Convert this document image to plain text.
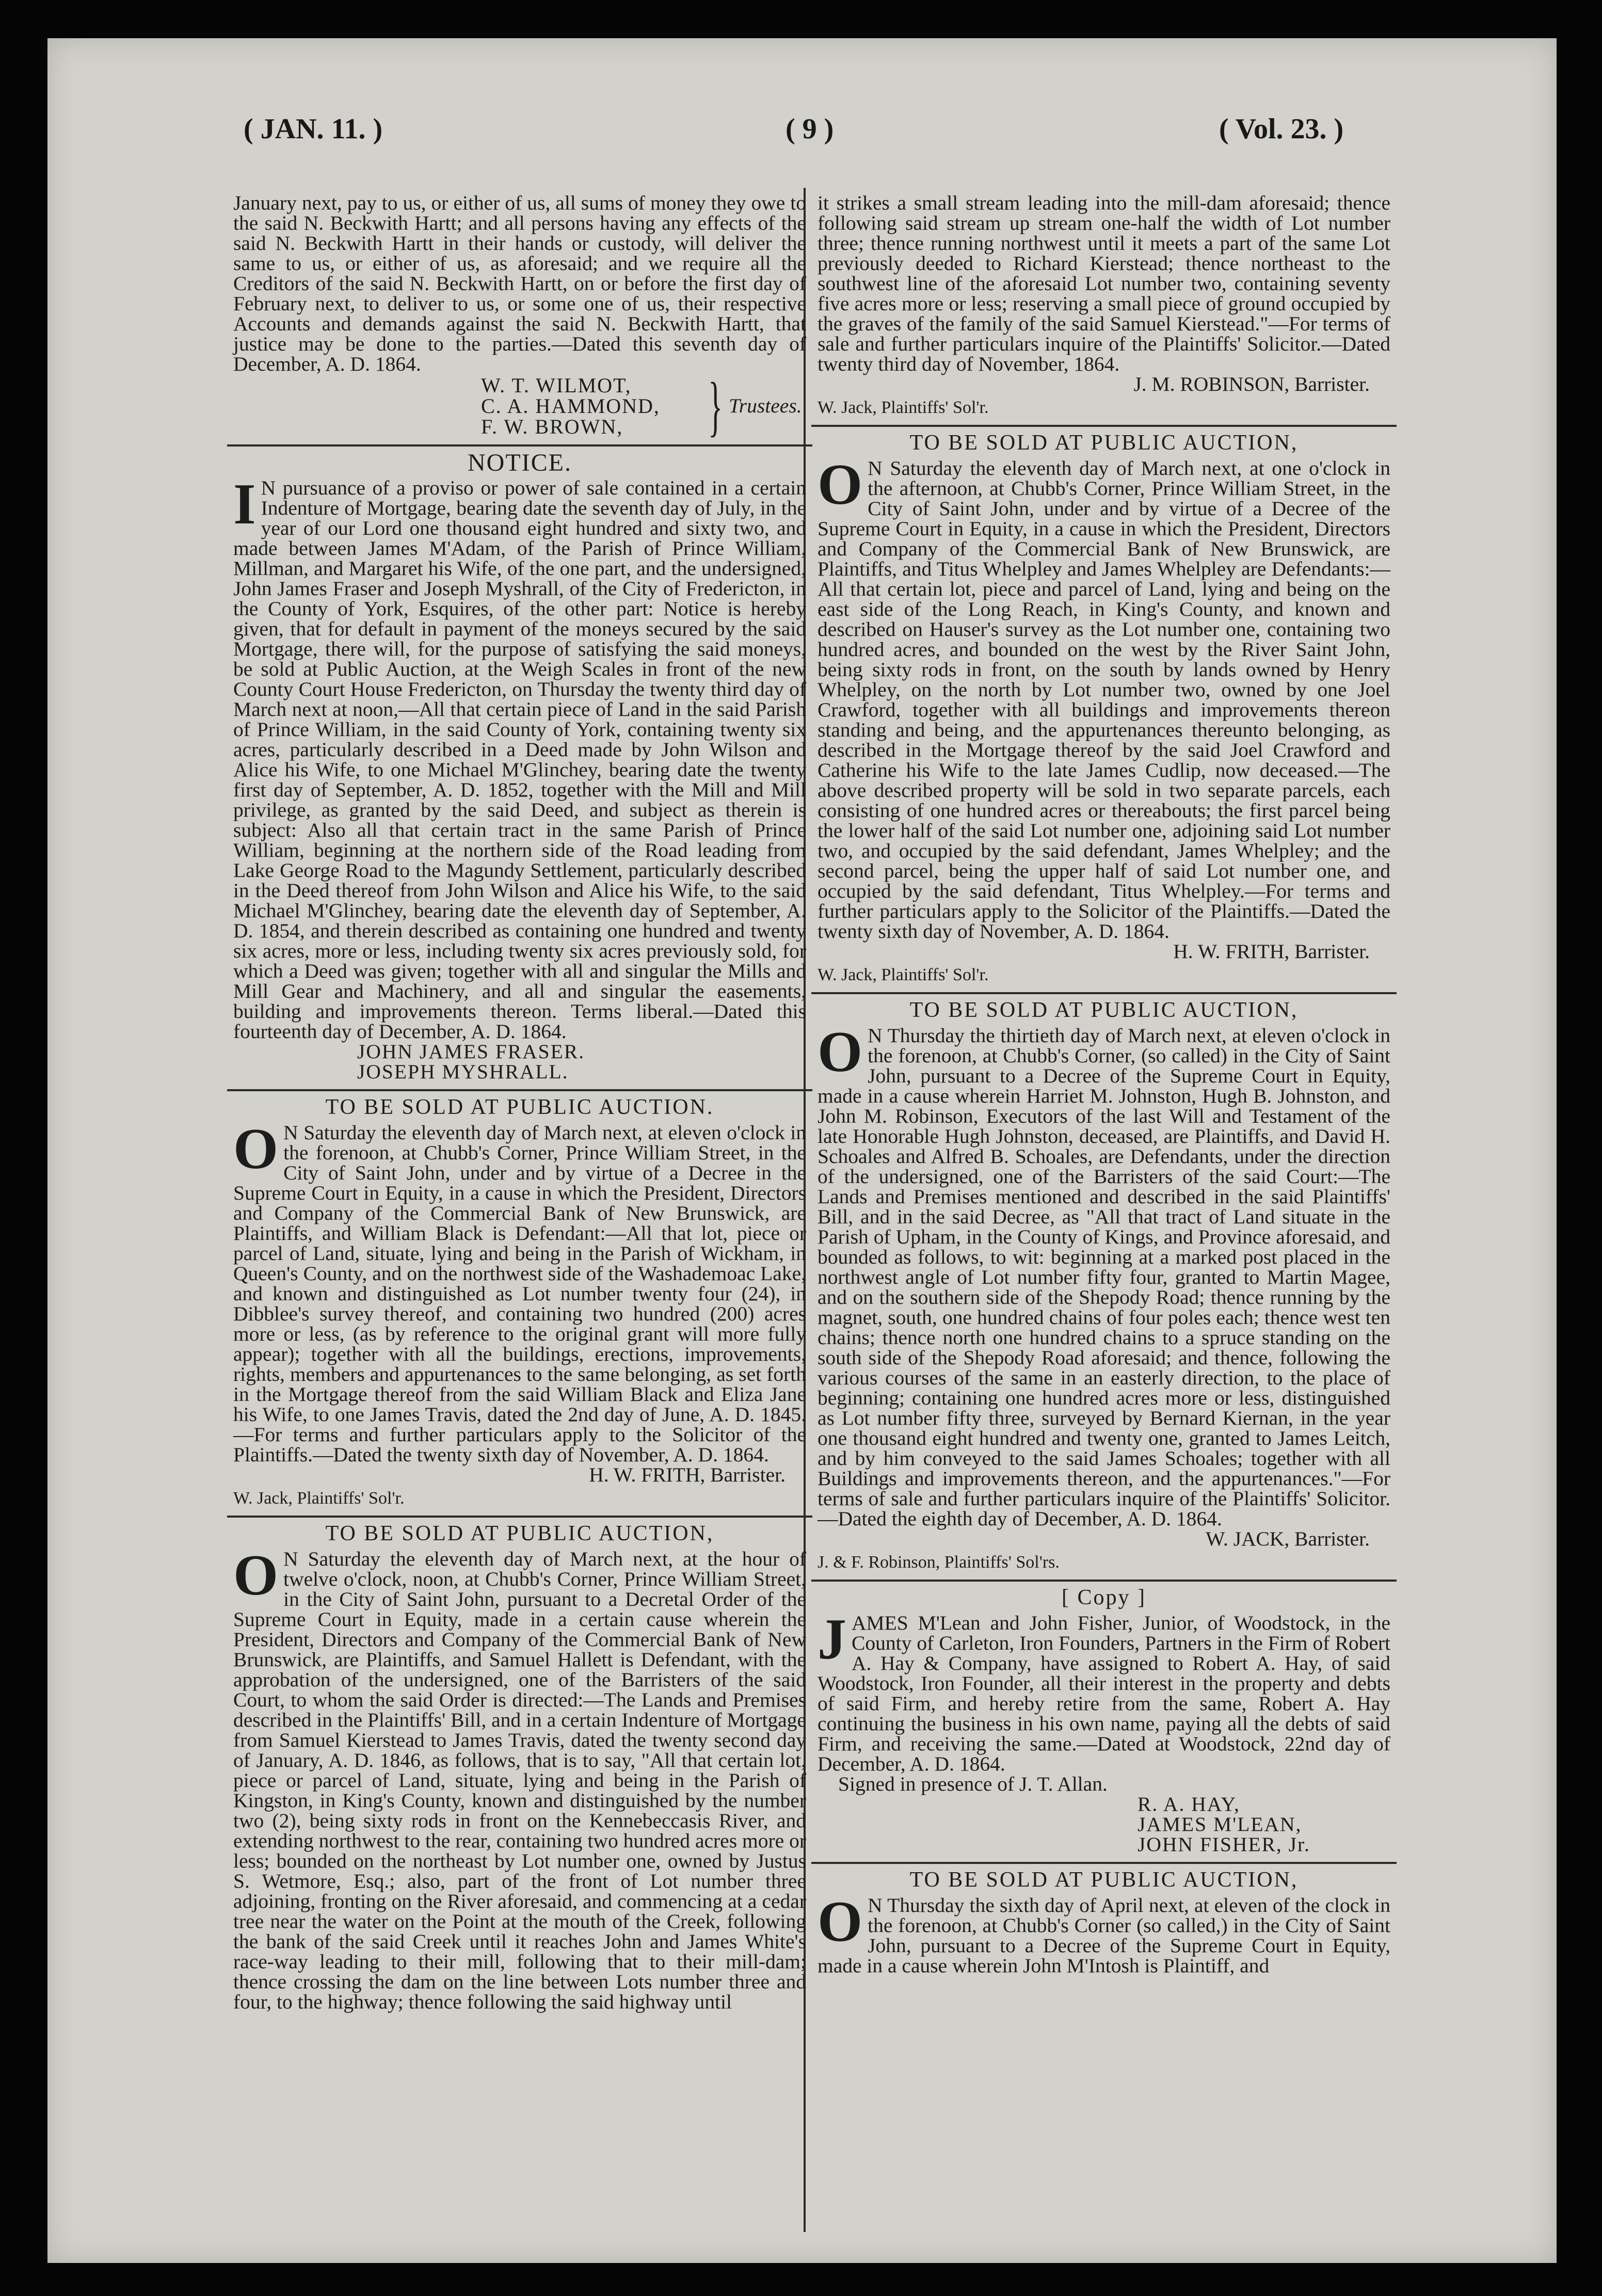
( JAN. 11. )	( 9 )	( Vol. 23. )

January next, pay to us, or either of us, all sums of money they owe to the said N. Beckwith Hartt; and all persons having any effects of the said N. Beckwith Hartt in their hands or custody, will deliver the same to us, or either of us, as aforesaid; and we require all the Creditors of the said N. Beckwith Hartt, on or before the first day of February next, to deliver to us, or some one of us, their respective Accounts and demands against the said N. Beckwith Hartt, that justice may be done to the parties.—Dated this seventh day of December, A. D. 1864.

W. T. WILMOT,
C. A. HAMMOND,
F. W. BROWN, } Trustees.
NOTICE.

I N pursuance of a proviso or power of sale contained in a certain Indenture of Mortgage, bearing date the seventh day of July, in the year of our Lord one thousand eight hundred and sixty two, and made between James M'Adam, of the Parish of Prince William, Millman, and Margaret his Wife, of the one part, and the undersigned, John James Fraser and Joseph Myshrall, of the City of Fredericton, in the County of York, Esquires, of the other part: Notice is hereby given, that for default in payment of the moneys secured by the said Mortgage, there will, for the purpose of satisfying the said moneys, be sold at Public Auction, at the Weigh Scales in front of the new County Court House Fredericton, on Thursday the twenty third day of March next at noon,—All that certain piece of Land in the said Parish of Prince William, in the said County of York, containing twenty six acres, particularly described in a Deed made by John Wilson and Alice his Wife, to one Michael M'Glinchey, bearing date the twenty first day of September, A. D. 1852, together with the Mill and Mill privilege, as granted by the said Deed, and subject as therein is subject: Also all that certain tract in the same Parish of Prince William, beginning at the northern side of the Road leading from Lake George Road to the Magundy Settlement, particularly described in the Deed thereof from John Wilson and Alice his Wife, to the said Michael M'Glinchey, bearing date the eleventh day of September, A. D. 1854, and therein described as containing one hundred and twenty six acres, more or less, including twenty six acres previously sold, for which a Deed was given; together with all and singular the Mills and Mill Gear and Machinery, and all and singular the easements, building and improvements thereon. Terms liberal.—Dated this fourteenth day of December, A. D. 1864.

JOHN JAMES FRASER.
JOSEPH MYSHRALL.
TO BE SOLD AT PUBLIC AUCTION.

O N Saturday the eleventh day of March next, at eleven o'clock in the forenoon, at Chubb's Corner, Prince William Street, in the City of Saint John, under and by virtue of a Decree in the Supreme Court in Equity, in a cause in which the President, Directors and Company of the Commercial Bank of New Brunswick, are Plaintiffs, and William Black is Defendant:—All that lot, piece or parcel of Land, situate, lying and being in the Parish of Wickham, in Queen's County, and on the northwest side of the Washademoac Lake, and known and distinguished as Lot number twenty four (24), in Dibblee's survey thereof, and containing two hundred (200) acres more or less, (as by reference to the original grant will more fully appear); together with all the buildings, erections, improvements, rights, members and appurtenances to the same belonging, as set forth in the Mortgage thereof from the said William Black and Eliza Jane his Wife, to one James Travis, dated the 2nd day of June, A. D. 1845.—For terms and further particulars apply to the Solicitor of the Plaintiffs.—Dated the twenty sixth day of November, A. D. 1864.

H. W. FRITH, Barrister.
W. Jack, Plaintiffs' Sol'r.
TO BE SOLD AT PUBLIC AUCTION,

O N Saturday the eleventh day of March next, at the hour of twelve o'clock, noon, at Chubb's Corner, Prince William Street, in the City of Saint John, pursuant to a Decretal Order of the Supreme Court in Equity, made in a certain cause wherein the President, Directors and Company of the Commercial Bank of New Brunswick, are Plaintiffs, and Samuel Hallett is Defendant, with the approbation of the undersigned, one of the Barristers of the said Court, to whom the said Order is directed:—The Lands and Premises described in the Plaintiffs' Bill, and in a certain Indenture of Mortgage from Samuel Kierstead to James Travis, dated the twenty second day of January, A. D. 1846, as follows, that is to say, "All that certain lot, piece or parcel of Land, situate, lying and being in the Parish of Kingston, in King's County, known and distinguished by the number two (2), being sixty rods in front on the Kennebeccasis River, and extending northwest to the rear, containing two hundred acres more or less; bounded on the northeast by Lot number one, owned by Justus S. Wetmore, Esq.; also, part of the front of Lot number three adjoining, fronting on the River aforesaid, and commencing at a cedar tree near the water on the Point at the mouth of the Creek, following the bank of the said Creek until it reaches John and James White's race-way leading to their mill, following that to their mill-dam; thence crossing the dam on the line between Lots number three and four, to the highway; thence following the said highway until

it strikes a small stream leading into the mill-dam aforesaid; thence following said stream up stream one-half the width of Lot number three; thence running northwest until it meets a part of the same Lot previously deeded to Richard Kierstead; thence northeast to the southwest line of the aforesaid Lot number two, containing seventy five acres more or less; reserving a small piece of ground occupied by the graves of the family of the said Samuel Kierstead."—For terms of sale and further particulars inquire of the Plaintiffs' Solicitor.—Dated twenty third day of November, 1864.

J. M. ROBINSON, Barrister.
W. Jack, Plaintiffs' Sol'r.
TO BE SOLD AT PUBLIC AUCTION,

O N Saturday the eleventh day of March next, at one o'clock in the afternoon, at Chubb's Corner, Prince William Street, in the City of Saint John, under and by virtue of a Decree of the Supreme Court in Equity, in a cause in which the President, Directors and Company of the Commercial Bank of New Brunswick, are Plaintiffs, and Titus Whelpley and James Whelpley are Defendants:—All that certain lot, piece and parcel of Land, lying and being on the east side of the Long Reach, in King's County, and known and described on Hauser's survey as the Lot number one, containing two hundred acres, and bounded on the west by the River Saint John, being sixty rods in front, on the south by lands owned by Henry Whelpley, on the north by Lot number two, owned by one Joel Crawford, together with all buildings and improvements thereon standing and being, and the appurtenances thereunto belonging, as described in the Mortgage thereof by the said Joel Crawford and Catherine his Wife to the late James Cudlip, now deceased.—The above described property will be sold in two separate parcels, each consisting of one hundred acres or thereabouts; the first parcel being the lower half of the said Lot number one, adjoining said Lot number two, and occupied by the said defendant, James Whelpley; and the second parcel, being the upper half of said Lot number one, and occupied by the said defendant, Titus Whelpley.—For terms and further particulars apply to the Solicitor of the Plaintiffs.—Dated the twenty sixth day of November, A. D. 1864.

H. W. FRITH, Barrister.
W. Jack, Plaintiffs' Sol'r.
TO BE SOLD AT PUBLIC AUCTION,

O N Thursday the thirtieth day of March next, at eleven o'clock in the forenoon, at Chubb's Corner, (so called) in the City of Saint John, pursuant to a Decree of the Supreme Court in Equity, made in a cause wherein Harriet M. Johnston, Hugh B. Johnston, and John M. Robinson, Executors of the last Will and Testament of the late Honorable Hugh Johnston, deceased, are Plaintiffs, and David H. Schoales and Alfred B. Schoales, are Defendants, under the direction of the undersigned, one of the Barristers of the said Court:—The Lands and Premises mentioned and described in the said Plaintiffs' Bill, and in the said Decree, as "All that tract of Land situate in the Parish of Upham, in the County of Kings, and Province aforesaid, and bounded as follows, to wit: beginning at a marked post placed in the northwest angle of Lot number fifty four, granted to Martin Magee, and on the southern side of the Shepody Road; thence running by the magnet, south, one hundred chains of four poles each; thence west ten chains; thence north one hundred chains to a spruce standing on the south side of the Shepody Road aforesaid; and thence, following the various courses of the same in an easterly direction, to the place of beginning; containing one hundred acres more or less, distinguished as Lot number fifty three, surveyed by Bernard Kiernan, in the year one thousand eight hundred and twenty one, granted to James Leitch, and by him conveyed to the said James Schoales; together with all Buildings and improvements thereon, and the appurtenances."—For terms of sale and further particulars inquire of the Plaintiffs' Solicitor.—Dated the eighth day of December, A. D. 1864.

W. JACK, Barrister.
J. & F. Robinson, Plaintiffs' Sol'rs.
[ Copy ]

JAMES M'Lean and John Fisher, Junior, of Woodstock, in the County of Carleton, Iron Founders, Partners in the Firm of Robert A. Hay & Company, have assigned to Robert A. Hay, of said Woodstock, Iron Founder, all their interest in the property and debts of said Firm, and hereby retire from the same, Robert A. Hay continuing the business in his own name, paying all the debts of said Firm, and receiving the same.—Dated at Woodstock, 22nd day of December, A. D. 1864.

Signed in presence of J. T. Allan.
R. A. HAY,
JAMES M'LEAN,
JOHN FISHER, Jr.
TO BE SOLD AT PUBLIC AUCTION,

O N Thursday the sixth day of April next, at eleven of the clock in the forenoon, at Chubb's Corner (so called,) in the City of Saint John, pursuant to a Decree of the Supreme Court in Equity, made in a cause wherein John M'Intosh is Plaintiff, and
